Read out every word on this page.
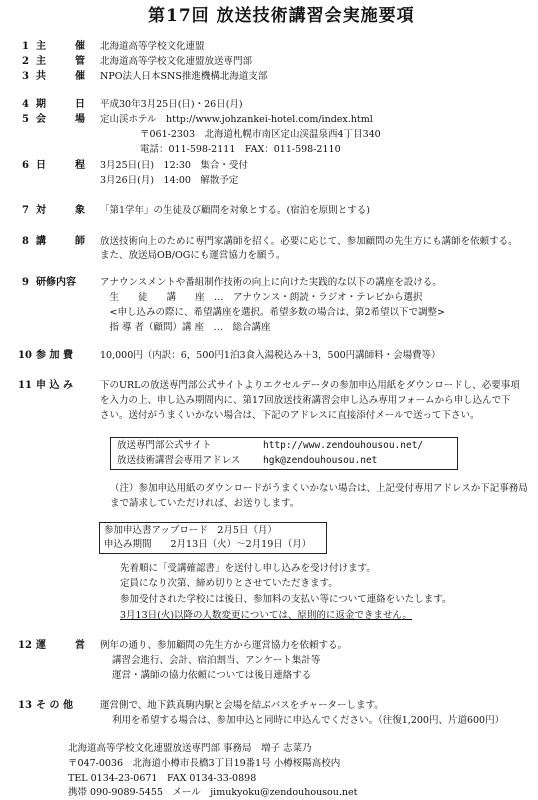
第17回 放送技術講習会実施要項
1 主　　催 北海道高等学校文化連盟
2 主　　管 北海道高等学校文化連盟放送専門部
3 共　　催 NPO法人日本SNS推進機構北海道支部
4 期　　日 平成30年3月25日(日)・26日(月)
5 会　　場 定山渓ホテル　http://www.johzankei-hotel.com/index.html
〒061-2303　北海道札幌市南区定山渓温泉西4丁目340
電話：011-598-2111　FAX：011-598-2110
6 日　　程 3月25日(日)　12:30　集合・受付
3月26日(月)　14:00　解散予定
7 対　　象 「第1学年」の生徒及び顧問を対象とする。(宿泊を原則とする)
8 講　　師 放送技術向上のために専門家講師を招く。必要に応じて、参加顧問の先生方にも講師を依頼する。
また、放送局OB/OGにも運営協力を願う。
9 研修内容	アナウンスメントや番組制作技術の向上に向けた実践的な以下の講座を設ける。
　生　　徒　　講　　座　…　アナウンス・朗読・ラジオ・テレビから選択
　<申し込みの際に、希望講座を選択。希望多数の場合は、第2希望以下で調整>
　指 導 者（顧問）講 座　…　総合講座
10 参 加 費	10,000円（内訳：6，500円1泊3食入湯税込み＋3，500円講師料・会場費等）
11 申 込 み	下のURLの放送専門部公式サイトよりエクセルデータの参加申込用紙をダウンロードし、必要事項
を入力の上、申し込み期間内に、第17回放送技術講習会申し込み専用フォームから申し込んで下
さい。送付がうまくいかない場合は、下記のアドレスに直接添付メールで送って下さい。
放送専門部公式サイト	http://www.zendouhousou.net/
放送技術講習会専用アドレス hgk@zendouhousou.net
（注）参加申込用紙のダウンロードがうまくいかない場合は、上記受付専用アドレスか下記事務局
まで請求していただければ、お送りします。
参加申込書アップロード　2月5日（月）
申込み期間　　2月13日（火）～2月19日（月）
先着順に「受講確認書」を送付し申し込みを受け付けます。
定員になり次第、締め切りとさせていただきます。
参加受付された学校には後日、参加料の支払い等について連絡をいたします。
3月13日(火)以降の人数変更については、原則的に返金できません。
12 運　　営 例年の通り、参加顧問の先生方から運営協力を依頼する。
講習会進行、会計、宿泊割当、アンケート集計等
運営・講師の協力依頼については後日連絡する
13 そ の 他	運営側で、地下鉄真駒内駅と会場を結ぶバスをチャーターします。
利用を希望する場合は、参加申込と同時に申込んでください。（往復1,200円、片道600円）
北海道高等学校文化連盟放送専門部 事務局　増子 志菜乃
〒047-0036　北海道小樽市長橋3丁目19番1号 小樽桜陽高校内
TEL 0134-23-0671　FAX 0134-33-0898
携帯 090-9089-5455　メール　jimukyoku@zendouhousou.net
